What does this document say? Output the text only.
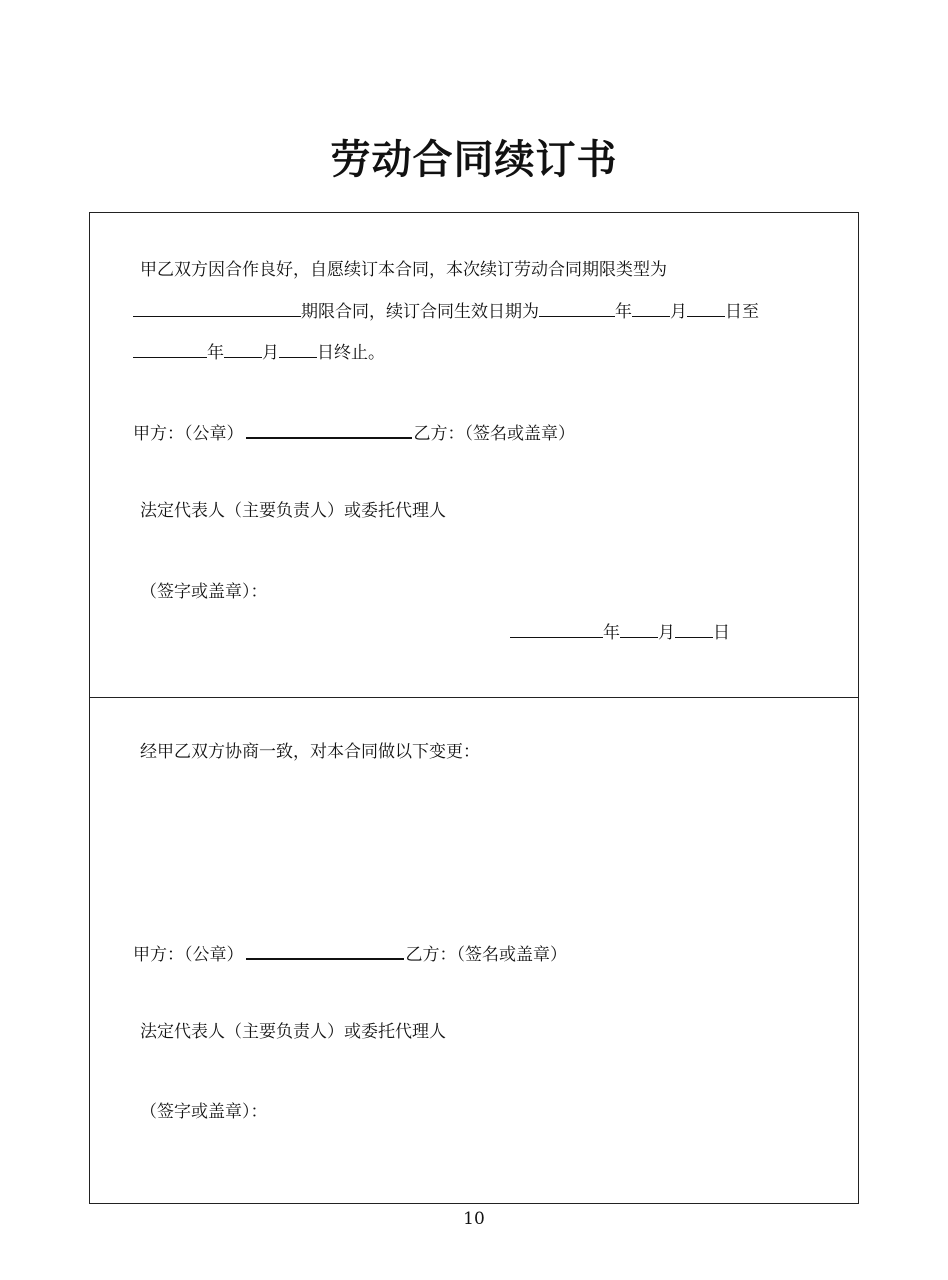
劳动合同续订书
甲乙双方因合作良好，自愿续订本合同，本次续订劳动合同期限类型为
期限合同，续订合同生效日期为	年 月 日至
年 月 日终止。
甲方：（公章）	乙方：（签名或盖章）
法定代表人（主要负责人）或委托代理人
（签字或盖章）：
年 月 日
经甲乙双方协商一致，对本合同做以下变更：
甲方：（公章）	乙方：（签名或盖章）
法定代表人（主要负责人）或委托代理人
（签字或盖章）：
10
